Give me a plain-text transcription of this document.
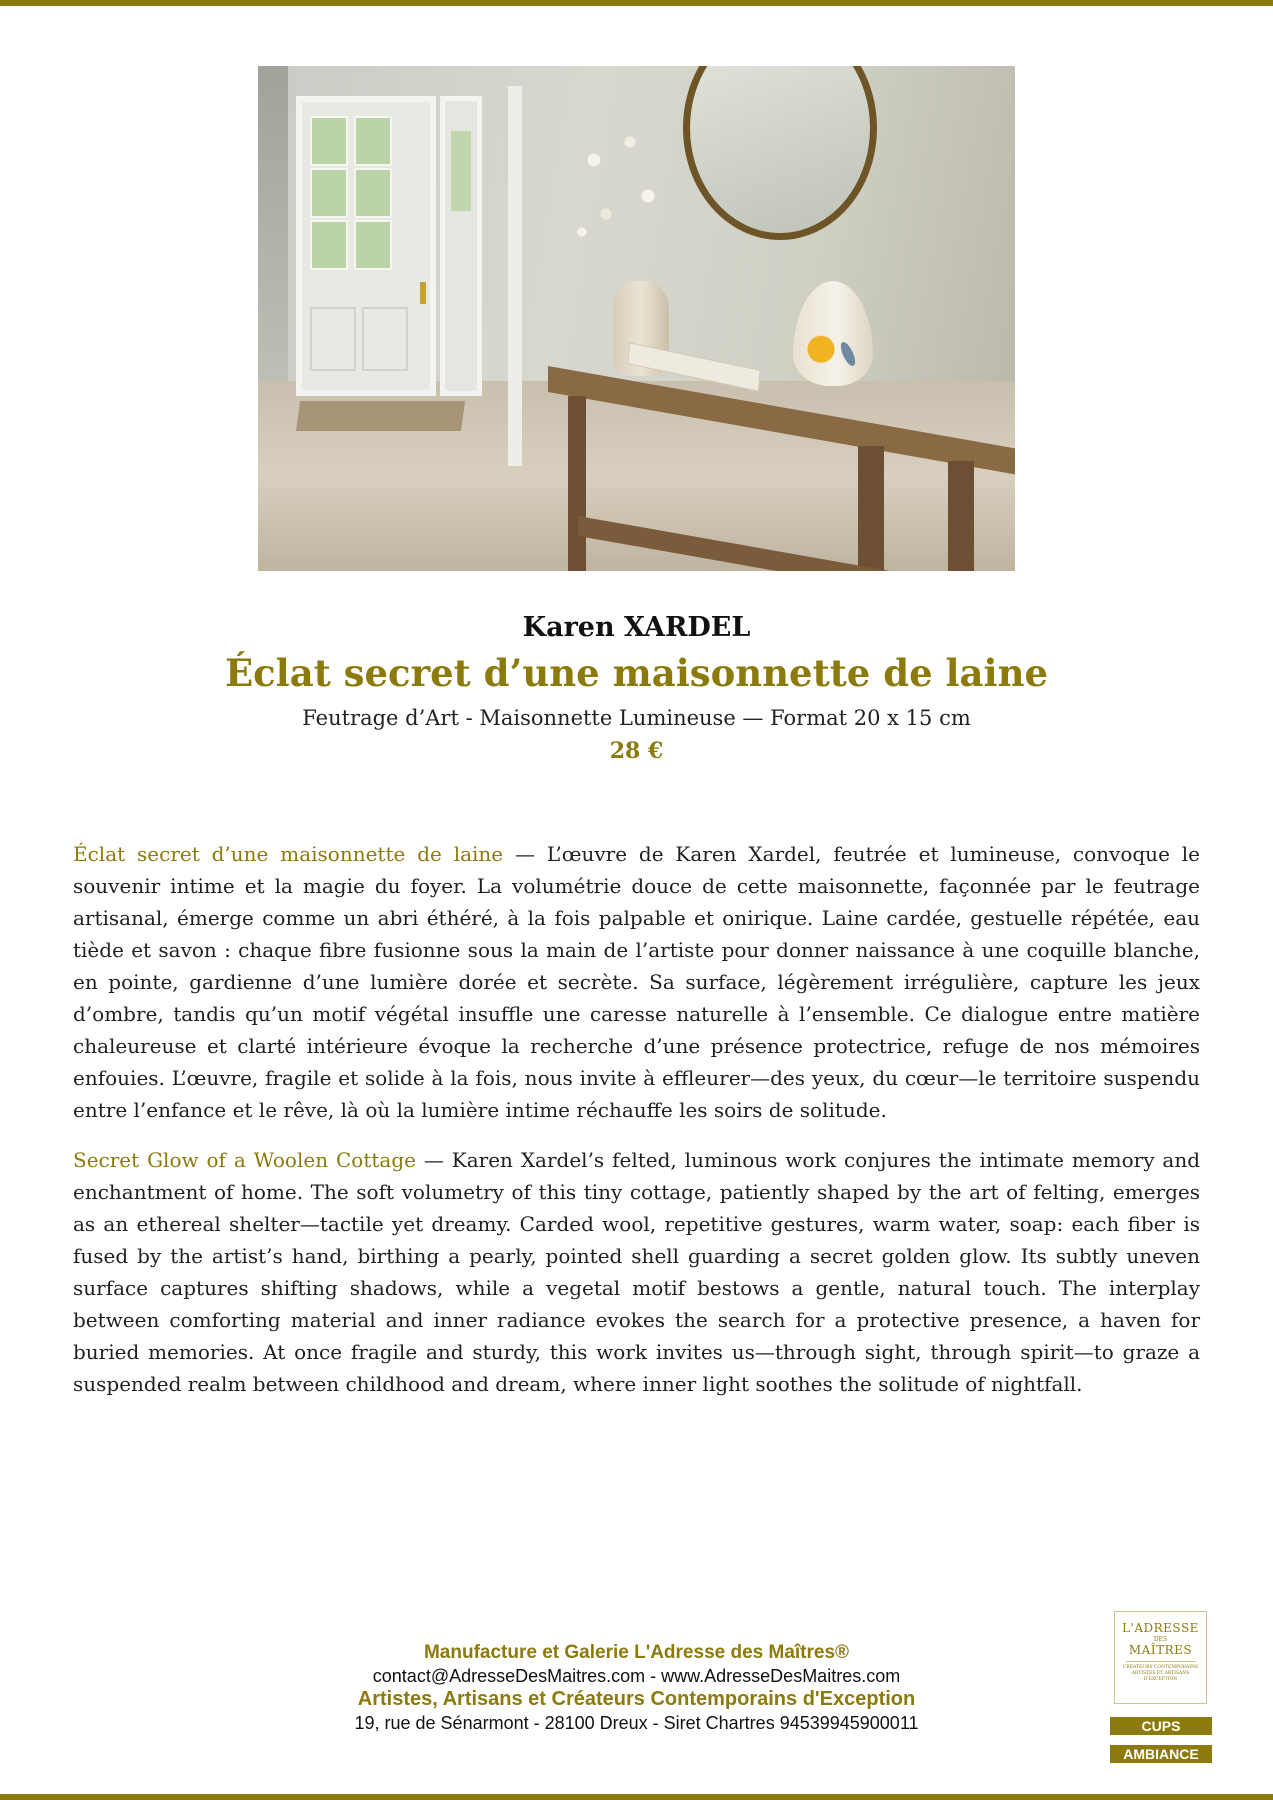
Karen XARDEL
Éclat secret d’une maisonnette de laine
Feutrage d’Art - Maisonnette Lumineuse — Format 20 x 15 cm
28 €

Éclat secret d’une maisonnette de laine — L’œuvre de Karen Xardel, feutrée et lumineuse, convoque le souvenir intime et la magie du foyer. La volumétrie douce de cette maisonnette, façonnée par le feutrage artisanal, émerge comme un abri éthéré, à la fois palpable et onirique. Laine cardée, gestuelle répétée, eau tiède et savon : chaque fibre fusionne sous la main de l’artiste pour donner naissance à une coquille blanche, en pointe, gardienne d’une lumière dorée et secrète. Sa surface, légèrement irrégulière, capture les jeux d’ombre, tandis qu’un motif végétal insuffle une caresse naturelle à l’ensemble. Ce dialogue entre matière chaleureuse et clarté intérieure évoque la recherche d’une présence protectrice, refuge de nos mémoires enfouies. L’œuvre, fragile et solide à la fois, nous invite à effleurer—des yeux, du cœur—le territoire suspendu entre l’enfance et le rêve, là où la lumière intime réchauffe les soirs de solitude.

Secret Glow of a Woolen Cottage — Karen Xardel’s felted, luminous work conjures the intimate memory and enchantment of home. The soft volumetry of this tiny cottage, patiently shaped by the art of felting, emerges as an ethereal shelter—tactile yet dreamy. Carded wool, repetitive gestures, warm water, soap: each fiber is fused by the artist’s hand, birthing a pearly, pointed shell guarding a secret golden glow. Its subtly uneven surface captures shifting shadows, while a vegetal motif bestows a gentle, natural touch. The interplay between comforting material and inner radiance evokes the search for a protective presence, a haven for buried memories. At once fragile and sturdy, this work invites us—through sight, through spirit—to graze a suspended realm between childhood and dream, where inner light soothes the solitude of nightfall.

Manufacture et Galerie L'Adresse des Maîtres®
contact@AdresseDesMaitres.com - www.AdresseDesMaitres.com
Artistes, Artisans et Créateurs Contemporains d'Exception
19, rue de Sénarmont - 28100 Dreux - Siret Chartres 94539945900011
L'ADRESSE
DES
MAÎTRES
CRÉATEURS CONTEMPORAINS ARTISTES ET ARTISANS D'EXCEPTION
CUPS
AMBIANCE
